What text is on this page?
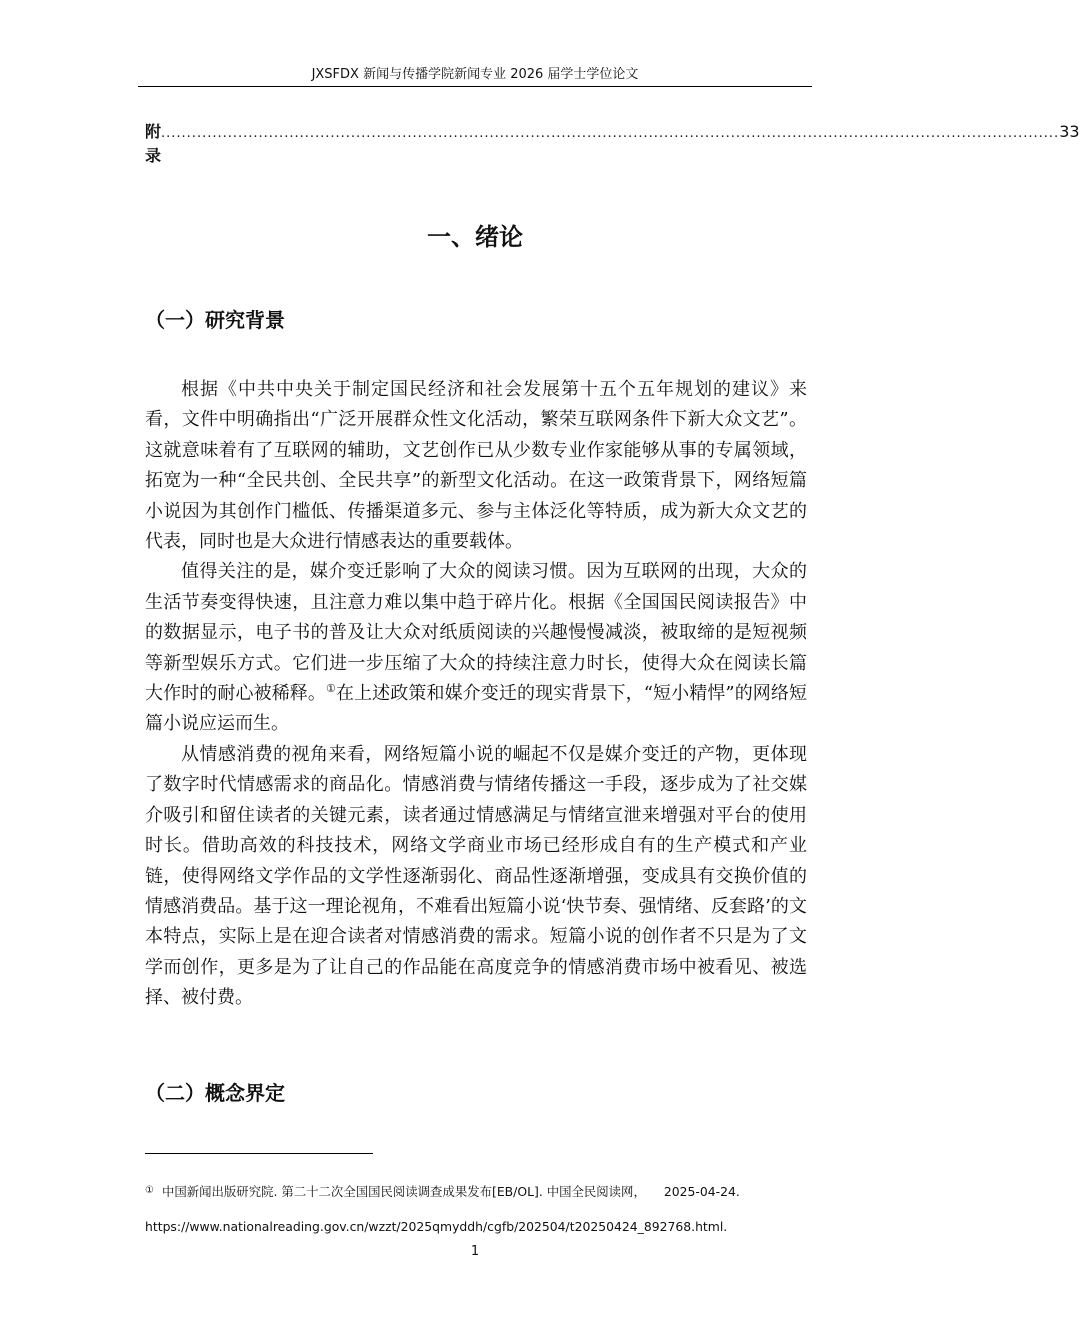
JXSFDX 新闻与传播学院新闻专业 2026 届学士学位论文
附录
............................................................................................................................................................................... 33
一、绪论
（一）研究背景

根据《中共中央关于制定国民经济和社会发展第十五个五年规划的建议》来看，文件中明确指出“广泛开展群众性文化活动，繁荣互联网条件下新大众文艺”。这就意味着有了互联网的辅助，文艺创作已从少数专业作家能够从事的专属领域，拓宽为一种“全民共创、全民共享”的新型文化活动。在这一政策背景下，网络短篇小说因为其创作门槛低、传播渠道多元、参与主体泛化等特质，成为新大众文艺的代表，同时也是大众进行情感表达的重要载体。

值得关注的是，媒介变迁影响了大众的阅读习惯。因为互联网的出现，大众的生活节奏变得快速，且注意力难以集中趋于碎片化。根据《全国国民阅读报告》中的数据显示，电子书的普及让大众对纸质阅读的兴趣慢慢减淡，被取缔的是短视频等新型娱乐方式。它们进一步压缩了大众的持续注意力时长，使得大众在阅读长篇大作时的耐心被稀释。①在上述政策和媒介变迁的现实背景下，“短小精悍”的网络短篇小说应运而生。

从情感消费的视角来看，网络短篇小说的崛起不仅是媒介变迁的产物，更体现了数字时代情感需求的商品化。情感消费与情绪传播这一手段，逐步成为了社交媒介吸引和留住读者的关键元素，读者通过情感满足与情绪宣泄来增强对平台的使用时长。借助高效的科技技术，网络文学商业市场已经形成自有的生产模式和产业链，使得网络文学作品的文学性逐渐弱化、商品性逐渐增强，变成具有交换价值的情感消费品。基于这一理论视角，不难看出短篇小说‘快节奏、强情绪、反套路’的文本特点，实际上是在迎合读者对情感消费的需求。短篇小说的创作者不只是为了文学而创作，更多是为了让自己的作品能在高度竞争的情感消费市场中被看见、被选择、被付费。

（二）概念界定
① 中国新闻出版研究院. 第二十二次全国国民阅读调查成果发布[EB/OL]. 中国全民阅读网， 2025-04-24.
https://www.nationalreading.gov.cn/wzzt/2025qmyddh/cgfb/202504/t20250424_892768.html.
1
